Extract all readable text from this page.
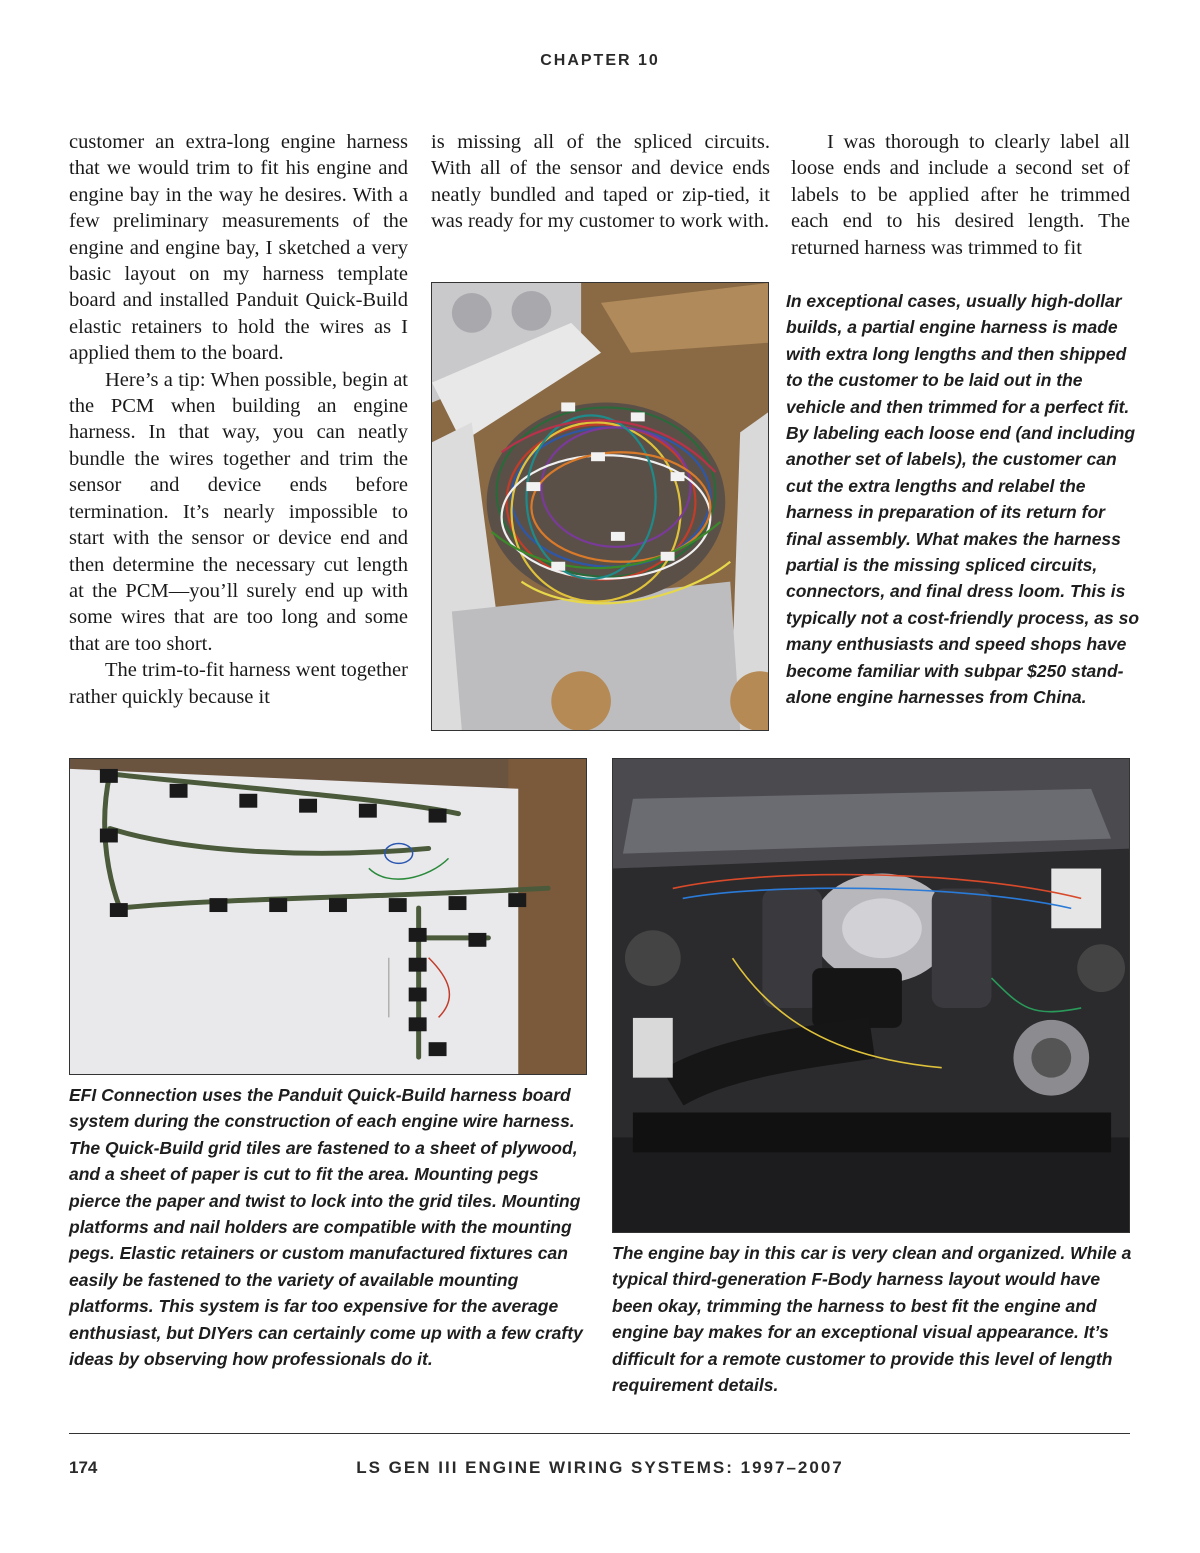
CHAPTER 10

customer an extra-long engine harness that we would trim to fit his engine and engine bay in the way he desires. With a few preliminary measurements of the engine and engine bay, I sketched a very basic layout on my harness template board and installed Panduit Quick-Build elastic retainers to hold the wires as I applied them to the board.

Here’s a tip: When possible, begin at the PCM when building an engine harness. In that way, you can neatly bundle the wires together and trim the sensor and device ends before termination. It’s nearly impossible to start with the sensor or device end and then determine the necessary cut length at the PCM—you’ll surely end up with some wires that are too long and some that are too short.

The trim-to-fit harness went together rather quickly because it

is missing all of the spliced circuits. With all of the sensor and device ends neatly bundled and taped or zip-tied, it was ready for my customer to work with.

I was thorough to clearly label all loose ends and include a second set of labels to be applied after he trimmed each end to his desired length. The returned harness was trimmed to fit

In exceptional cases, usually high-dollar builds, a partial engine harness is made with extra long lengths and then shipped to the customer to be laid out in the vehicle and then trimmed for a perfect fit. By labeling each loose end (and including another set of labels), the customer can cut the extra lengths and relabel the harness in preparation of its return for final assembly. What makes the harness partial is the missing spliced circuits, connectors, and final dress loom. This is typically not a cost-friendly process, as so many enthusiasts and speed shops have become familiar with subpar $250 stand-alone engine harnesses from China.

EFI Connection uses the Panduit Quick-Build harness board system during the construction of each engine wire harness. The Quick-Build grid tiles are fastened to a sheet of plywood, and a sheet of paper is cut to fit the area. Mounting pegs pierce the paper and twist to lock into the grid tiles. Mounting platforms and nail holders are compatible with the mounting pegs. Elastic retainers or custom manufactured fixtures can easily be fastened to the variety of available mounting platforms. This system is far too expensive for the average enthusiast, but DIYers can certainly come up with a few crafty ideas by observing how professionals do it.

The engine bay in this car is very clean and organized. While a typical third-generation F-Body harness layout would have been okay, trimming the harness to best fit the engine and engine bay makes for an exceptional visual appearance. It’s difficult for a remote customer to provide this level of length requirement details.

174	LS GEN III ENGINE WIRING SYSTEMS: 1997–2007
